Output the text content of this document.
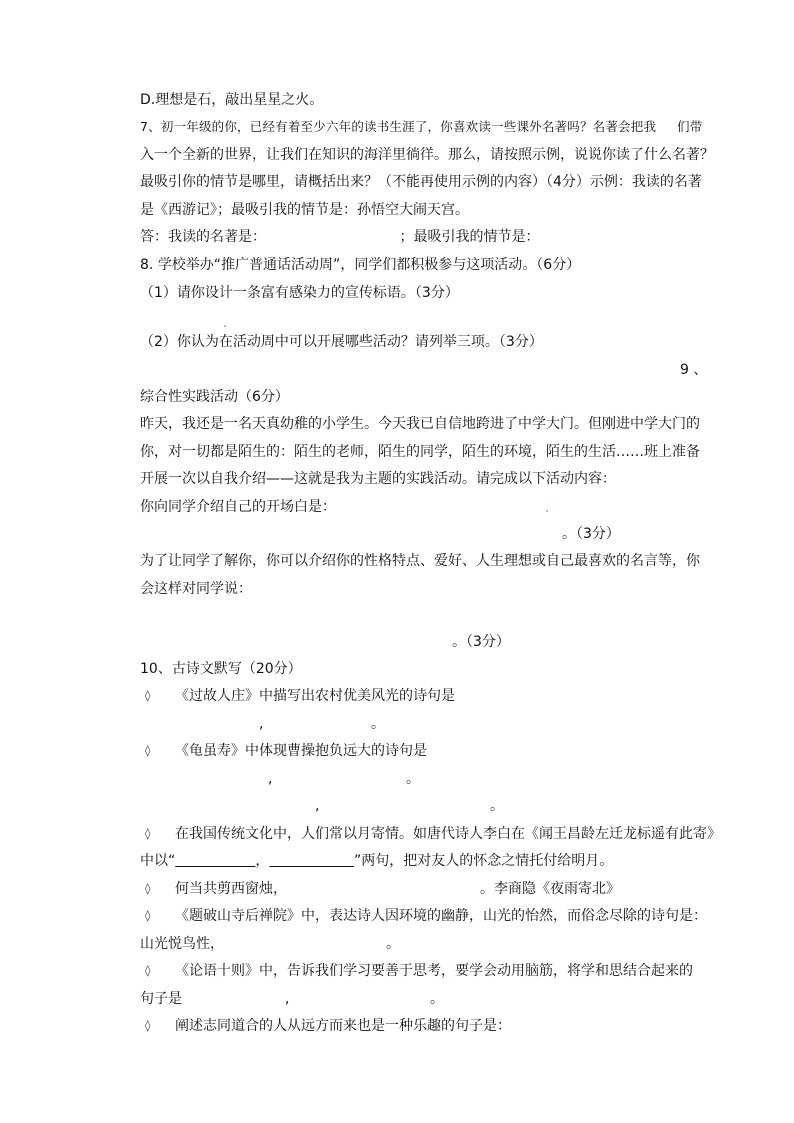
D.理想是石，敲出星星之火。
7、初一年级的你，已经有着至少六年的读书生涯了，你喜欢读一些课外名著吗？名著会把我     们带
入一个全新的世界，让我们在知识的海洋里徜徉。那么，请按照示例，说说你读了什么名著？
最吸引你的情节是哪里，请概括出来？（不能再使用示例的内容）（4分）示例：我读的名著
是《西游记》；最吸引我的情节是：孙悟空大闹天宫。
答：我读的名著是：                              ；最吸引我的情节是：
8. 学校举办“推广普通话活动周”，同学们都积极参与这项活动。（6分）
（1）请你设计一条富有感染力的宣传标语。（3分）
（2）你认为在活动周中可以开展哪些活动？请列举三项。（3分）
9 、
综合性实践活动（6分）
昨天，我还是一名天真幼稚的小学生。今天我已自信地跨进了中学大门。但刚进中学大门的
你，对一切都是陌生的：陌生的老师，陌生的同学，陌生的环境，陌生的生活……班上准备
开展一次以自我介绍——这就是我为主题的实践活动。请完成以下活动内容：
你向同学介绍自己的开场白是：
。（3分）
为了让同学了解你，你可以介绍你的性格特点、爱好、人生理想或自己最喜欢的名言等，你
会这样对同学说：
。（3分）
10、古诗文默写（20分）
◊ 《过故人庄》中描写出农村优美风光的诗句是
,	。
◊ 《龟虽寿》中体现曹操抱负远大的诗句是
,	。
,	。
◊ 在我国传统文化中，人们常以月寄情。如唐代诗人李白在《闻王昌龄左迁龙标遥有此寄》
中以“	，	”两句，把对友人的怀念之情托付给明月。
◊ 何当共剪西窗烛，	。李商隐《夜雨寄北》
◊ 《题破山寺后禅院》中，表达诗人因环境的幽静，山光的怡然，而俗念尽除的诗句是：
山光悦鸟性，	。
◊ 《论语十则》中，告诉我们学习要善于思考，要学会动用脑筋，将学和思结合起来的
句子是	,	。
◊ 阐述志同道合的人从远方而来也是一种乐趣的句子是：
